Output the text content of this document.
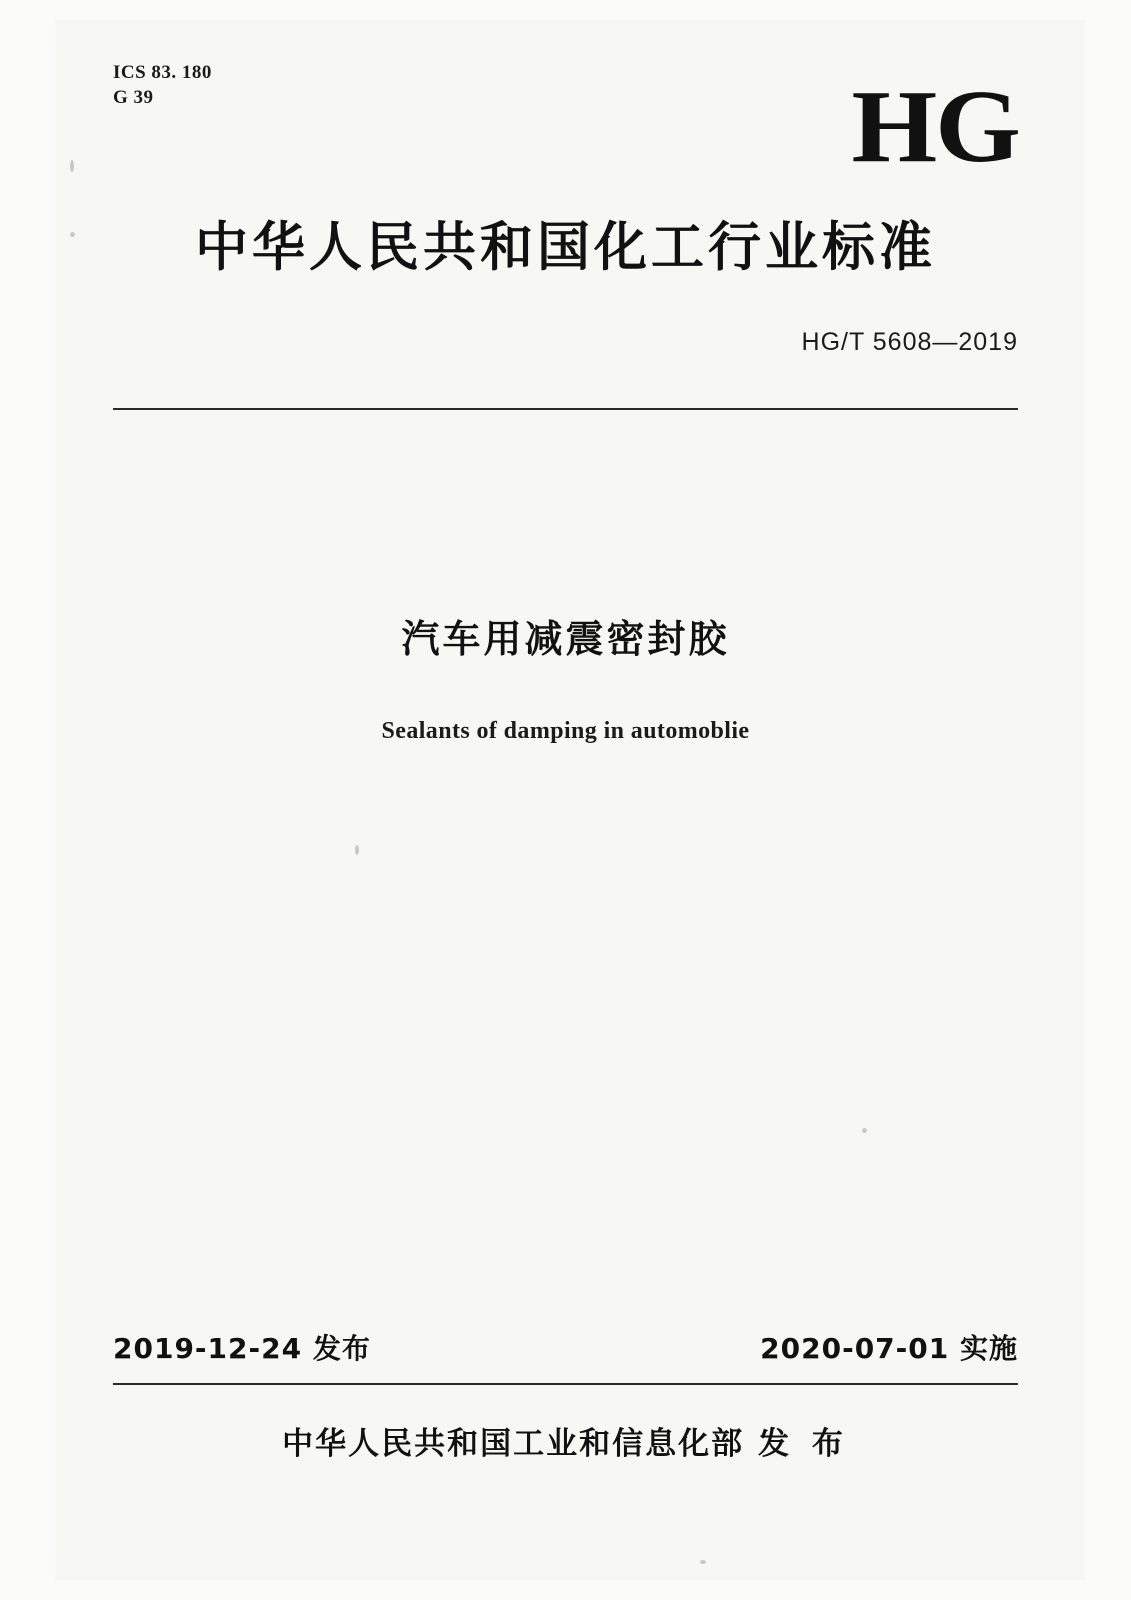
ICS 83. 180
G 39	HG
中华人民共和国化工行业标准
HG/T 5608—2019
汽车用减震密封胶
Sealants of damping in automoblie
2019-12-24 发布	2020-07-01 实施
中华人民共和国工业和信息化部 发 布
